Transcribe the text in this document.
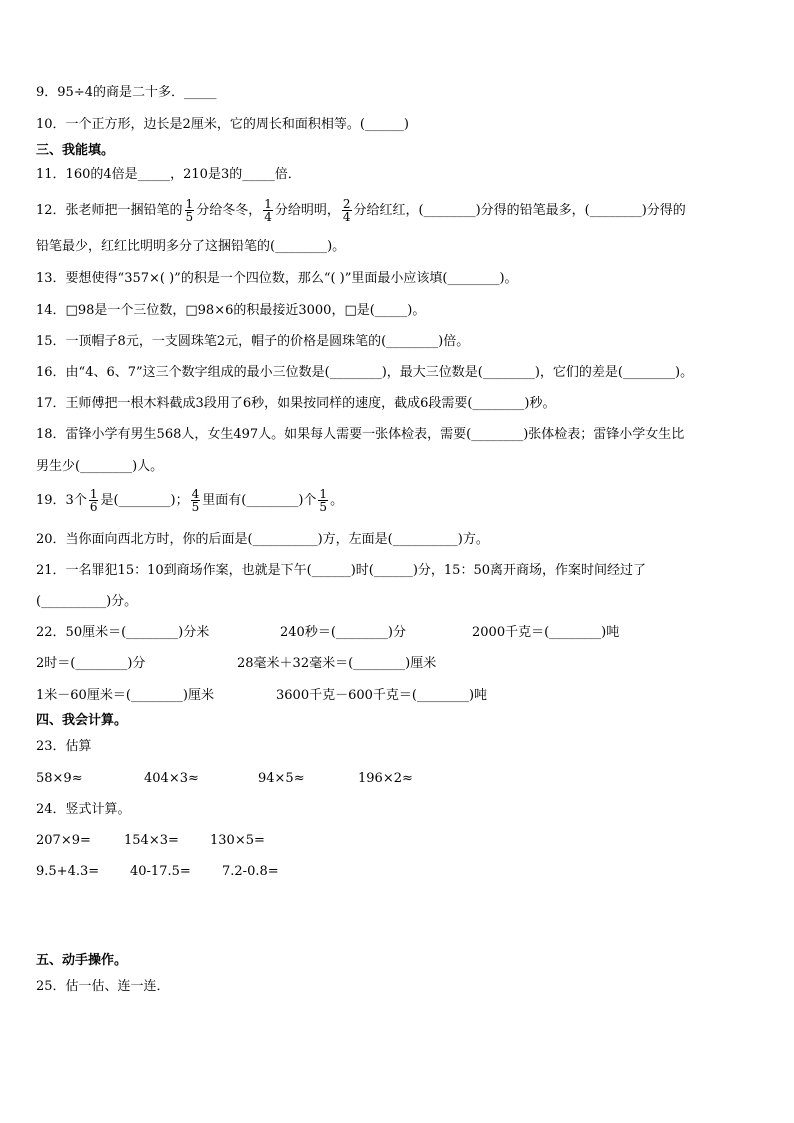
9．95÷4的商是二十多．_____
10．一个正方形，边长是2厘米，它的周长和面积相等。(______)
三、我能填。
11．160的4倍是_____，210是3的_____倍．
12．张老师把一捆铅笔的 $\frac{1}{5}$ 分给冬冬， $\frac{1}{4}$ 分给明明， $\frac{2}{4}$ 分给红红，(________)分得的铅笔最多，(________)分得的
铅笔最少，红红比明明多分了这捆铅笔的(________)。
13．要想使得“357×( )”的积是一个四位数，那么“( )”里面最小应该填(________)。
14．□98是一个三位数，□98×6的积最接近3000，□是(_____)。
15．一顶帽子8元，一支圆珠笔2元，帽子的价格是圆珠笔的(________)倍。
16．由“4、6、7”这三个数字组成的最小三位数是(________)，最大三位数是(________)，它们的差是(________)。
17．王师傅把一根木料截成3段用了6秒，如果按同样的速度，截成6段需要(________)秒。
18．雷锋小学有男生568人，女生497人。如果每人需要一张体检表，需要(________)张体检表；雷锋小学女生比
男生少(________)人。
19．3个 $\frac{1}{6}$ 是(________)； $\frac{4}{5}$ 里面有(________)个 $\frac{1}{5}$ 。
20．当你面向西北方时，你的后面是(__________)方，左面是(__________)方。
21．一名罪犯15：10到商场作案，也就是下午(______)时(______)分，15：50离开商场，作案时间经过了
(__________)分。
22．50厘米＝(________)分米	240秒＝(________)分	2000千克＝(________)吨
2时＝(________)分	28毫米＋32毫米＝(________)厘米
1米－60厘米＝(________)厘米	3600千克－600千克＝(________)吨
四、我会计算。
23．估算
58×9≈	404×3≈	94×5≈	196×2≈
24．竖式计算。
207×9=	154×3= 130×5=
9.5+4.3= 40-17.5= 7.2-0.8=
五、动手操作。
25．估一估、连一连．
